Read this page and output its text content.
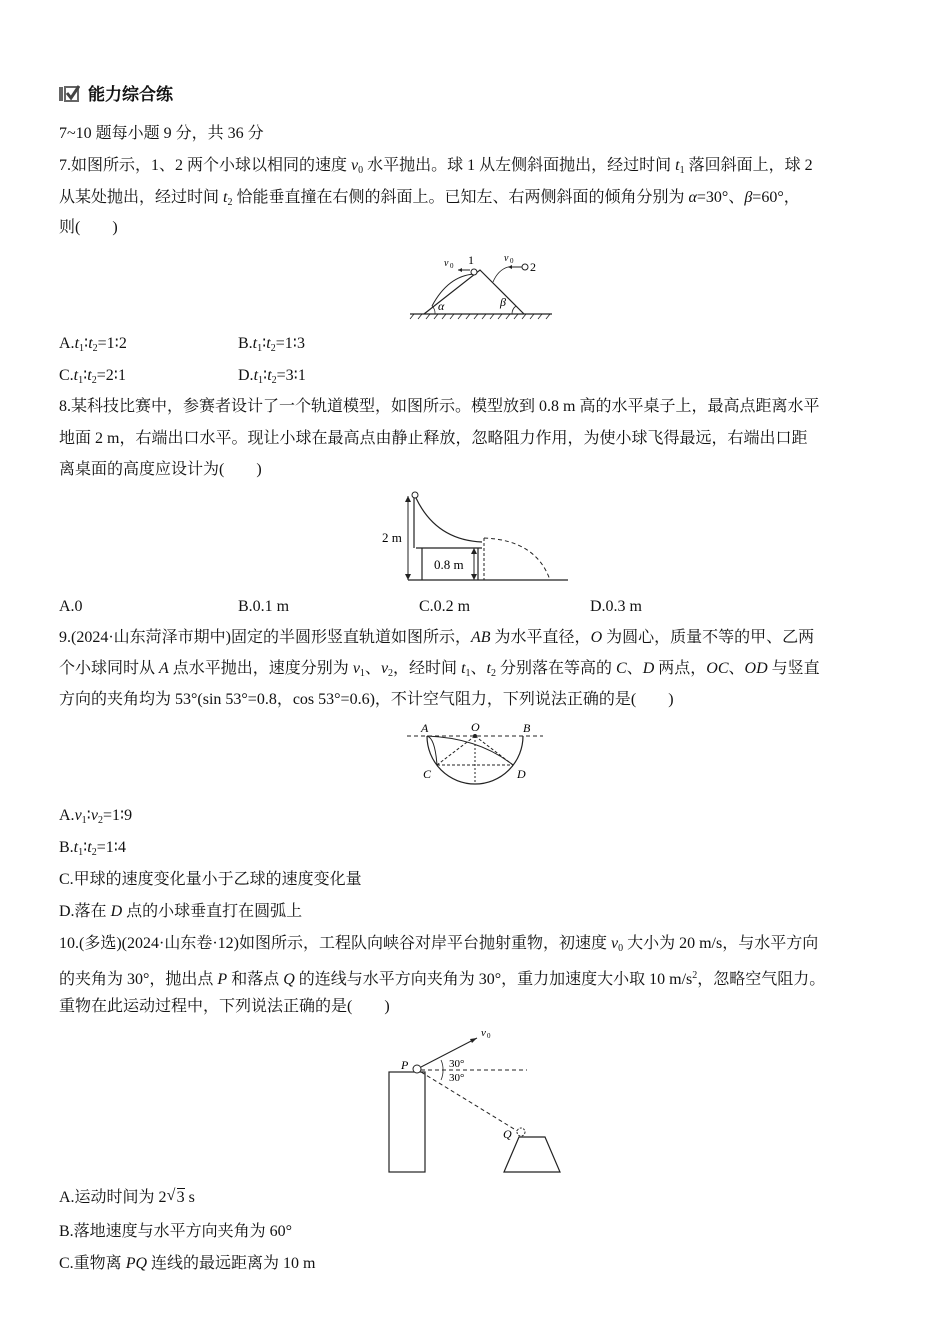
能力综合练
7~10 题每小题 9 分，共 36 分
7.如图所示，1、2 两个小球以相同的速度 $v_0$ 水平抛出。球 1 从左侧斜面抛出，经过时间 $t_1$ 落回斜面上，球 2
从某处抛出，经过时间 $t_2$ 恰能垂直撞在右侧的斜面上。已知左、右两侧斜面的倾角分别为 α=30°、β=60°，
则(　　)
v 0 1	v 0 2
α	β
$A.t_1∶t_2=1∶2$	$B.t_1∶t_2=1∶3$
$C.t_1∶t_2=2∶1$	$D.t_1∶t_2=3∶1$
8.某科技比赛中，参赛者设计了一个轨道模型，如图所示。模型放到 0.8 m 高的水平桌子上，最高点距离水平
地面 2 m，右端出口水平。现让小球在最高点由静止释放，忽略阻力作用，为使小球飞得最远，右端出口距
离桌面的高度应设计为(　　)
2 m
0.8 m
A.0	B.0.1 m	C.0.2 m	D.0.3 m
9.(2024·山东菏泽市期中)固定的半圆形竖直轨道如图所示，AB 为水平直径，O 为圆心，质量不等的甲、乙两
个小球同时从 A 点水平抛出，速度分别为 $v_1$、$v_2$，经时间 $t_1$、$t_2$ 分别落在等高的 C、D 两点，OC、OD 与竖直
方向的夹角均为 53°(sin 53°=0.8，cos 53°=0.6)，不计空气阻力，下列说法正确的是(　　)
A	O	B
C	D
$A.v_1∶v_2=1∶9$
$B.t_1∶t_2=1∶4$
C.甲球的速度变化量小于乙球的速度变化量
D.落在 D 点的小球垂直打在圆弧上
10.(多选)(2024·山东卷·12)如图所示，工程队向峡谷对岸平台抛射重物，初速度 $v_0$ 大小为 20 m/s，与水平方向
的夹角为 30°，抛出点 P 和落点 Q 的连线与水平方向夹角为 30°，重力加速度大小取 10 $m/s^2$，忽略空气阻力。
重物在此运动过程中，下列说法正确的是(　　)
v 0
P	30°
30°
Q
A.运动时间为 2 √ 3 s
B.落地速度与水平方向夹角为 60°
C.重物离 PQ 连线的最远距离为 10 m
